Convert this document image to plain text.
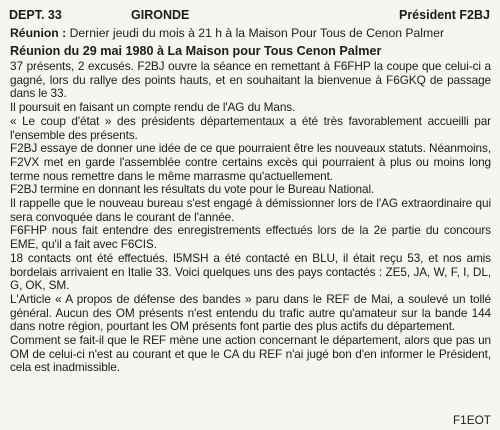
DEPT. 33	GIRONDE	Président F2BJ
Réunion : Dernier jeudi du mois à 21 h à la Maison Pour Tous de Cenon Palmer
Réunion du 29 mai 1980 à La Maison pour Tous Cenon Palmer

37 présents, 2 excusés. F2BJ ouvre la séance en remettant à F6FHP la coupe que celui-ci a gagné, lors du rallye des points hauts, et en souhaitant la bienvenue à F6GKQ de passage dans le 33.

Il poursuit en faisant un compte rendu de l'AG du Mans.

« Le coup d'état » des présidents départementaux a été très favorablement accueilli par l'ensemble des présents.

F2BJ essaye de donner une idée de ce que pourraient être les nouveaux statuts. Néanmoins, F2VX met en garde l'assemblée contre certains excès qui pourraient à plus ou moins long terme nous remettre dans le même marrasme qu'actuellement.

F2BJ termine en donnant les résultats du vote pour le Bureau National.

Il rappelle que le nouveau bureau s'est engagé à démissionner lors de l'AG extraordinaire qui sera convoquée dans le courant de l'année.

F6FHP nous fait entendre des enregistrements effectués lors de la 2e partie du concours EME, qu'il a fait avec F6CIS.

18 contacts ont été effectués. I5MSH a été contacté en BLU, il était reçu 53, et nos amis bordelais arrivaient en Italie 33. Voici quelques uns des pays contactés : ZE5, JA, W, F, I, DL, G, OK, SM.

L'Article « A propos de défense des bandes » paru dans le REF de Mai, a soulevé un tollé général. Aucun des OM présents n'est entendu du trafic autre qu'amateur sur la bande 144 dans notre région, pourtant les OM présents font partie des plus actifs du département.

Comment se fait-il que le REF mène une action concernant le département, alors que pas un OM de celui-ci n'est au courant et que le CA du REF n'ai jugé bon d'en informer le Président, cela est inadmissible.

F1EOT
